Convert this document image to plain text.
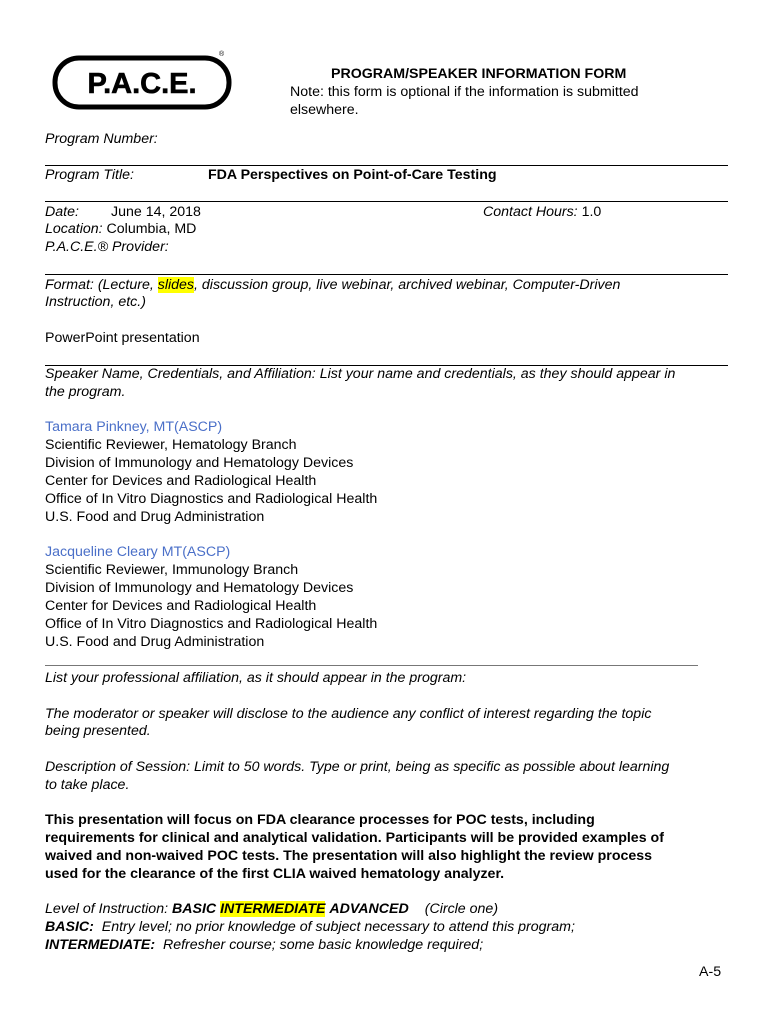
P.A.C.E.
®
PROGRAM/SPEAKER INFORMATION FORM
Note: this form is optional if the information is submitted elsewhere.
Program Number:
Program Title:	FDA Perspectives on Point-of-Care Testing
Date: June 14, 2018	Contact Hours: 1.0
Location: Columbia, MD
P.A.C.E.® Provider:
Format: (Lecture, slides, discussion group, live webinar, archived webinar, Computer-Driven
Instruction, etc.)
PowerPoint presentation
Speaker Name, Credentials, and Affiliation: List your name and credentials, as they should appear in
the program.
Tamara Pinkney, MT(ASCP)
Scientific Reviewer, Hematology Branch
Division of Immunology and Hematology Devices
Center for Devices and Radiological Health
Office of In Vitro Diagnostics and Radiological Health
U.S. Food and Drug Administration
Jacqueline Cleary MT(ASCP)
Scientific Reviewer, Immunology Branch
Division of Immunology and Hematology Devices
Center for Devices and Radiological Health
Office of In Vitro Diagnostics and Radiological Health
U.S. Food and Drug Administration
List your professional affiliation, as it should appear in the program:
The moderator or speaker will disclose to the audience any conflict of interest regarding the topic
being presented.
Description of Session: Limit to 50 words. Type or print, being as specific as possible about learning
to take place.
This presentation will focus on FDA clearance processes for POC tests, including
requirements for clinical and analytical validation. Participants will be provided examples of
waived and non-waived POC tests. The presentation will also highlight the review process
used for the clearance of the first CLIA waived hematology analyzer.
Level of Instruction: BASIC INTERMEDIATE ADVANCED (Circle one)
BASIC: Entry level; no prior knowledge of subject necessary to attend this program;
INTERMEDIATE: Refresher course; some basic knowledge required;
A-5
